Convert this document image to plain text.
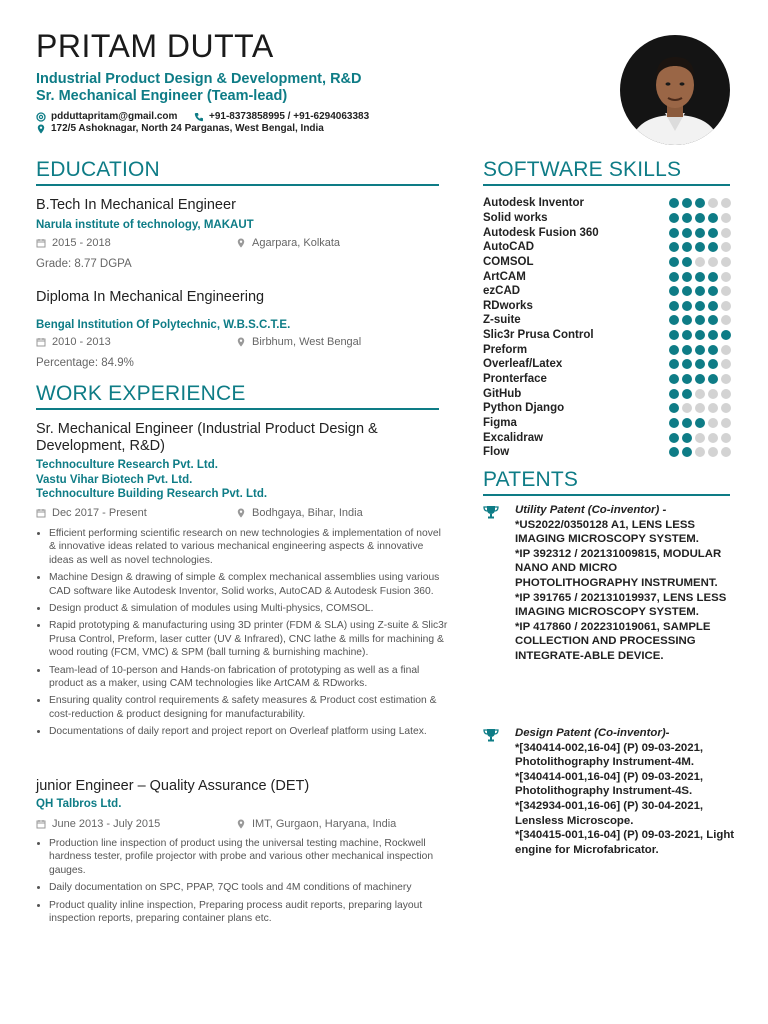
PRITAM DUTTA
Industrial Product Design & Development, R&D
Sr. Mechanical Engineer (Team-lead)
pdduttapritam@gmail.com	+91-8373858995 / +91-6294063383
172/5 Ashoknagar, North 24 Parganas, West Bengal, India
EDUCATION
B.Tech In Mechanical Engineer
Narula institute of technology, MAKAUT
2015 - 2018	Agarpara, Kolkata
Grade: 8.77 DGPA
Diploma In Mechanical Engineering
Bengal Institution Of Polytechnic, W.B.S.C.T.E.
2010 - 2013	Birbhum, West Bengal
Percentage: 84.9%
WORK EXPERIENCE
Sr. Mechanical Engineer (Industrial Product Design & Development, R&D)
Technoculture Research Pvt. Ltd.
Vastu Vihar Biotech Pvt. Ltd.
Technoculture Building Research Pvt. Ltd.
Dec 2017 - Present	Bodhgaya, Bihar, India
• Efficient performing scientific research on new technologies & implementation of novel & innovative ideas related to various mechanical engineering aspects & innovative ideas as well as novel technologies.
• Machine Design & drawing of simple & complex mechanical assemblies using various CAD software like Autodesk Inventor, Solid works, AutoCAD & Autodesk Fusion 360.
• Design product & simulation of modules using Multi-physics, COMSOL.
• Rapid prototyping & manufacturing using 3D printer (FDM & SLA) using Z-suite & Slic3r Prusa Control, Preform, laser cutter (UV & Infrared), CNC lathe & mills for machining & wood routing (FCM, VMC) & SPM (ball turning & burnishing machine).
• Team-lead of 10-person and Hands-on fabrication of prototyping as well as a final product as a maker, using CAM technologies like ArtCAM & RDworks.
• Ensuring quality control requirements & safety measures & Product cost estimation & cost-reduction & product designing for manufacturability.
• Documentations of daily report and project report on Overleaf platform using Latex.
junior Engineer – Quality Assurance (DET)
QH Talbros Ltd.
June 2013 - July 2015	IMT, Gurgaon, Haryana, India
• Production line inspection of product using the universal testing machine, Rockwell hardness tester, profile projector with probe and various other mechanical inspection gauges.
• Daily documentation on SPC, PPAP, 7QC tools and 4M conditions of machinery
• Product quality inline inspection, Preparing process audit reports, preparing layout inspection reports, preparing container plans etc.
SOFTWARE SKILLS
Autodesk Inventor
Solid works
Autodesk Fusion 360
AutoCAD
COMSOL
ArtCAM
ezCAD
RDworks
Z-suite
Slic3r Prusa Control
Preform
Overleaf/Latex
Pronterface
GitHub
Python Django
Figma
Excalidraw
Flow
PATENTS
Utility Patent (Co-inventor) -
*US2022/0350128 A1, LENS LESS IMAGING MICROSCOPY SYSTEM.
*IP 392312 / 202131009815, MODULAR NANO AND MICRO PHOTOLITHOGRAPHY INSTRUMENT.
*IP 391765 / 202131019937, LENS LESS IMAGING MICROSCOPY SYSTEM.
*IP 417860 / 202231019061, SAMPLE COLLECTION AND PROCESSING INTEGRATE-ABLE DEVICE.
Design Patent (Co-inventor)-
*[340414-002,16-04] (P) 09-03-2021, Photolithography Instrument-4M.
*[340414-001,16-04] (P) 09-03-2021, Photolithography Instrument-4S.
*[342934-001,16-06] (P) 30-04-2021, Lensless Microscope.
*[340415-001,16-04] (P) 09-03-2021, Light engine for Microfabricator.
